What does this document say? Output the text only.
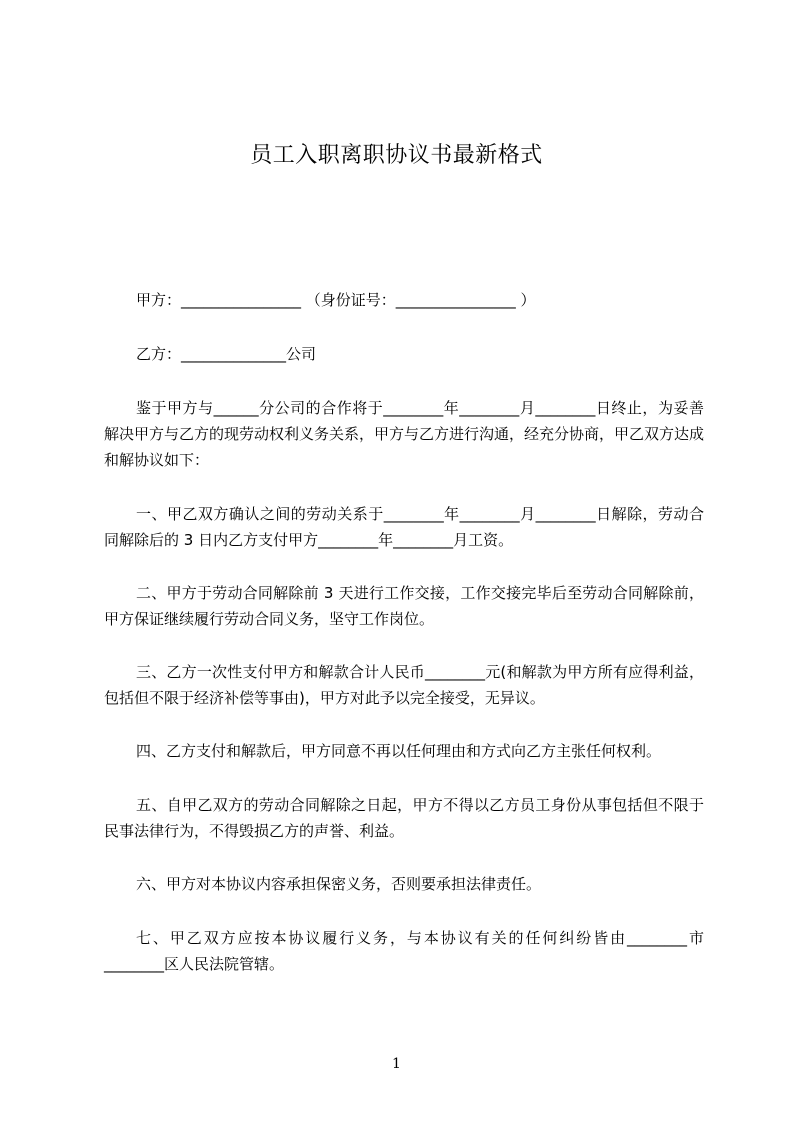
员工入职离职协议书最新格式
甲方：________________ （身份证号：________________ ）
乙方：______________公司
鉴于甲方与______分公司的合作将于________年________月________日终止，为妥善解决甲方与乙方的现劳动权利义务关系，甲方与乙方进行沟通，经充分协商，甲乙双方达成和解协议如下：
一、甲乙双方确认之间的劳动关系于________年________月________日解除，劳动合同解除后的 3 日内乙方支付甲方________年________月工资。
二、甲方于劳动合同解除前 3 天进行工作交接，工作交接完毕后至劳动合同解除前，甲方保证继续履行劳动合同义务，坚守工作岗位。
三、乙方一次性支付甲方和解款合计人民币________元(和解款为甲方所有应得利益，包括但不限于经济补偿等事由)，甲方对此予以完全接受，无异议。
四、乙方支付和解款后，甲方同意不再以任何理由和方式向乙方主张任何权利。
五、自甲乙双方的劳动合同解除之日起，甲方不得以乙方员工身份从事包括但不限于民事法律行为，不得毁损乙方的声誉、利益。
六、甲方对本协议内容承担保密义务，否则要承担法律责任。
七、甲乙双方应按本协议履行义务，与本协议有关的任何纠纷皆由________市________区人民法院管辖。
1
